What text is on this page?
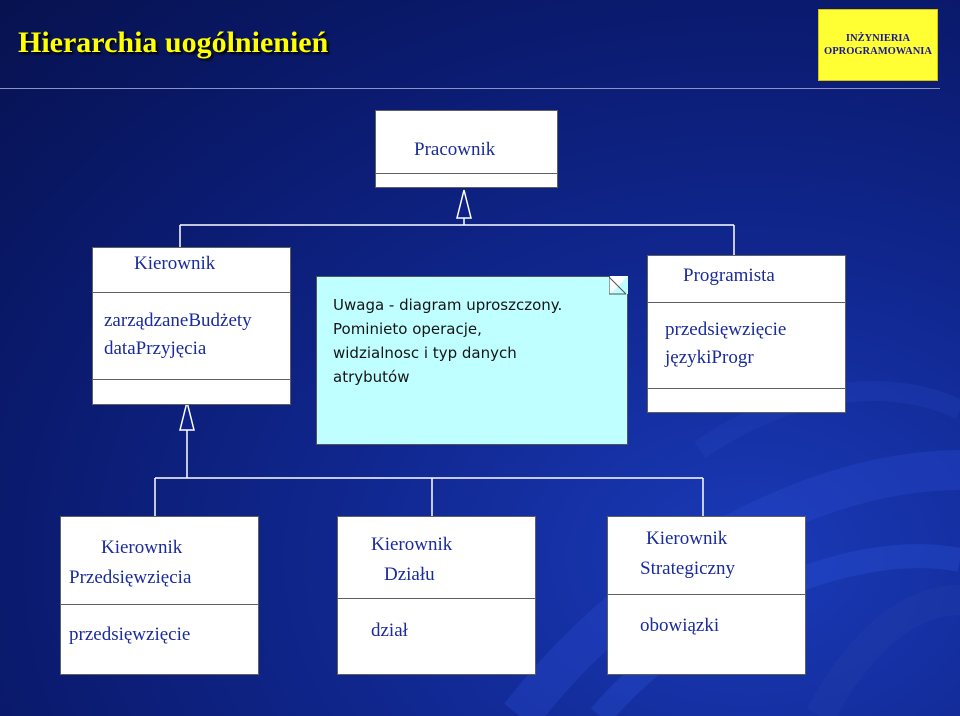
Hierarchia uogólnienień	INŻYNIERIA
OPROGRAMOWANIA
Pracownik
Kierownik
zarządzaneBudżety
dataPrzyjęcia
Uwaga - diagram uproszczony.
Pominieto operacje,
widzialnosc i typ danych
atrybutów
Programista
przedsięwzięcie
językiProgr
Kierownik
Przedsięwzięcia
przedsięwzięcie
Kierownik
Działu
dział
Kierownik
Strategiczny
obowiązki
